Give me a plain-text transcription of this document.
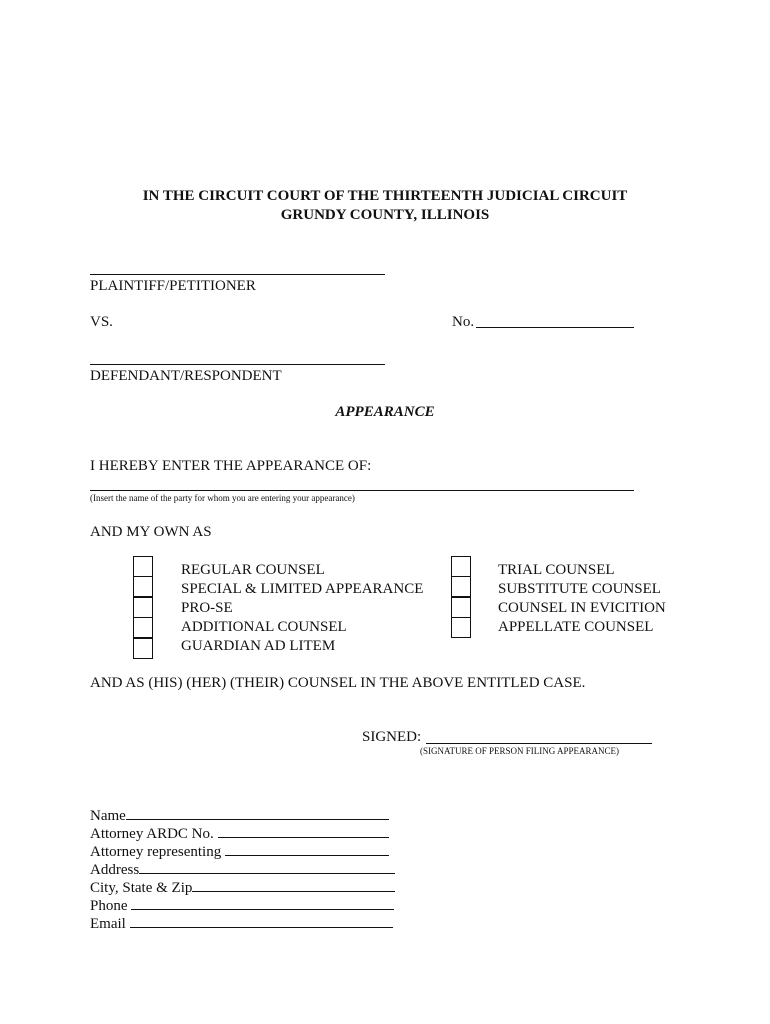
IN THE CIRCUIT COURT OF THE THIRTEENTH JUDICIAL CIRCUIT
GRUNDY COUNTY, ILLINOIS
PLAINTIFF/PETITIONER
VS.	No.
DEFENDANT/RESPONDENT
APPEARANCE
I HEREBY ENTER THE APPEARANCE OF:
(Insert the name of the party for whom you are entering your appearance)
AND MY OWN AS
REGULAR COUNSEL
SPECIAL & LIMITED APPEARANCE
PRO-SE
ADDITIONAL COUNSEL
GUARDIAN AD LITEM
TRIAL COUNSEL
SUBSTITUTE COUNSEL
COUNSEL IN EVICITION
APPELLATE COUNSEL
AND AS (HIS) (HER) (THEIR) COUNSEL IN THE ABOVE ENTITLED CASE.
SIGNED:
(SIGNATURE OF PERSON FILING APPEARANCE)
Name
Attorney ARDC No.
Attorney representing
Address
City, State & Zip
Phone
Email
